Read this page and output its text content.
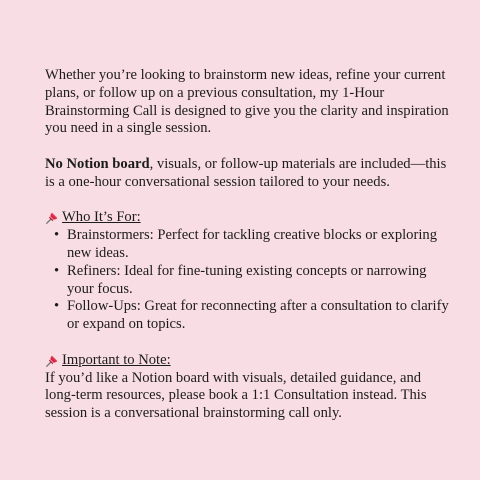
Whether you’re looking to brainstorm new ideas, refine your current plans, or follow up on a previous consultation, my 1-Hour Brainstorming Call is designed to give you the clarity and inspiration you need in a single session.

No Notion board, visuals, or follow-up materials are included—this is a one-hour conversational session tailored to your needs.

Who It’s For:
• Brainstormers: Perfect for tackling creative blocks or exploring new ideas.
• Refiners: Ideal for fine-tuning existing concepts or narrowing your focus.
• Follow-Ups: Great for reconnecting after a consultation to clarify or expand on topics.
Important to Note:

If you’d like a Notion board with visuals, detailed guidance, and long-term resources, please book a 1:1 Consultation instead. This session is a conversational brainstorming call only.
